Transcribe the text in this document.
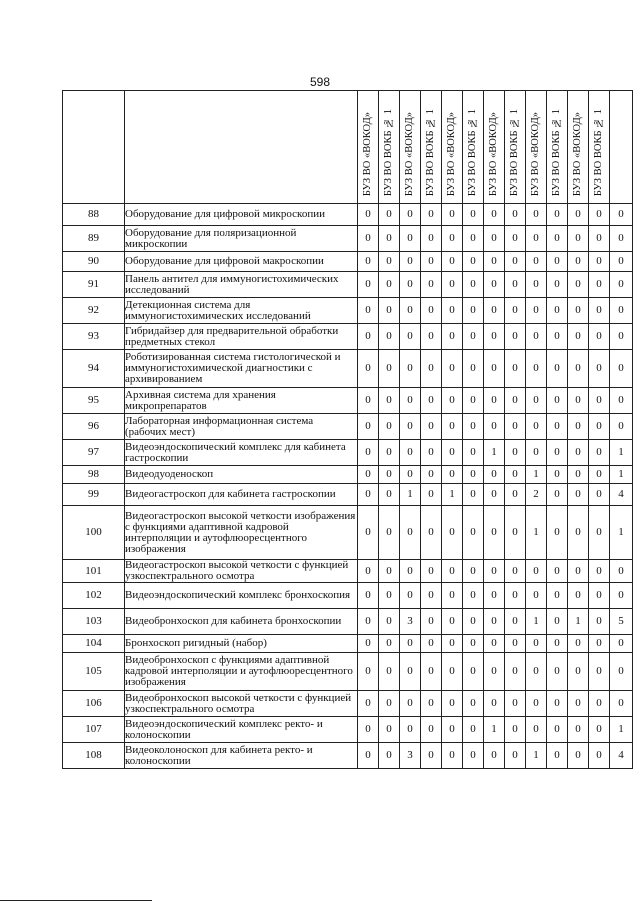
598
		БУЗ ВО «ВОКОД»	БУЗ ВО ВОКБ № 1	БУЗ ВО «ВОКОД»	БУЗ ВО ВОКБ № 1	БУЗ ВО «ВОКОД»	БУЗ ВО ВОКБ № 1	БУЗ ВО «ВОКОД»	БУЗ ВО ВОКБ № 1	БУЗ ВО «ВОКОД»	БУЗ ВО ВОКБ № 1	БУЗ ВО «ВОКОД»	БУЗ ВО ВОКБ № 1	
88	Оборудование для цифровой микроскопии	0	0	0	0	0	0	0	0	0	0	0	0	0
89	Оборудование для поляризационной микроскопии	0	0	0	0	0	0	0	0	0	0	0	0	0
90	Оборудование для цифровой макроскопии	0	0	0	0	0	0	0	0	0	0	0	0	0
91	Панель антител для иммуногистохимических исследований	0	0	0	0	0	0	0	0	0	0	0	0	0
92	Детекционная система для иммуногистохимических исследований	0	0	0	0	0	0	0	0	0	0	0	0	0
93	Гибридайзер для предварительной обработки предметных стекол	0	0	0	0	0	0	0	0	0	0	0	0	0
94	Роботизированная система гистологической и иммуногистохимической диагностики с архивированием	0	0	0	0	0	0	0	0	0	0	0	0	0
95	Архивная система для хранения микропрепаратов	0	0	0	0	0	0	0	0	0	0	0	0	0
96	Лабораторная информационная система (рабочих мест)	0	0	0	0	0	0	0	0	0	0	0	0	0
97	Видеоэндоскопический комплекс для кабинета гастроскопии	0	0	0	0	0	0	1	0	0	0	0	0	1
98	Видеодуоденоскоп	0	0	0	0	0	0	0	0	1	0	0	0	1
99	Видеогастроскоп для кабинета гастроскопии	0	0	1	0	1	0	0	0	2	0	0	0	4
100	Видеогастроскоп высокой четкости изображения с функциями адаптивной кадровой интерполяции и аутофлюоресцентного изображения	0	0	0	0	0	0	0	0	1	0	0	0	1
101	Видеогастроскоп высокой четкости с функцией узкоспектрального осмотра	0	0	0	0	0	0	0	0	0	0	0	0	0
102	Видеоэндоскопический комплекс бронхоскопия	0	0	0	0	0	0	0	0	0	0	0	0	0
103	Видеобронхоскоп для кабинета бронхоскопии	0	0	3	0	0	0	0	0	1	0	1	0	5
104	Бронхоскоп ригидный (набор)	0	0	0	0	0	0	0	0	0	0	0	0	0
105	Видеобронхоскоп с функциями адаптивной кадровой интерполяции и аутофлюоресцентного изображения	0	0	0	0	0	0	0	0	0	0	0	0	0
106	Видеобронхоскоп высокой четкости с функцией узкоспектрального осмотра	0	0	0	0	0	0	0	0	0	0	0	0	0
107	Видеоэндоскопический комплекс ректо- и колоноскопии	0	0	0	0	0	0	1	0	0	0	0	0	1
108	Видеоколоноскоп для кабинета ректо- и колоноскопии	0	0	3	0	0	0	0	0	1	0	0	0	4
